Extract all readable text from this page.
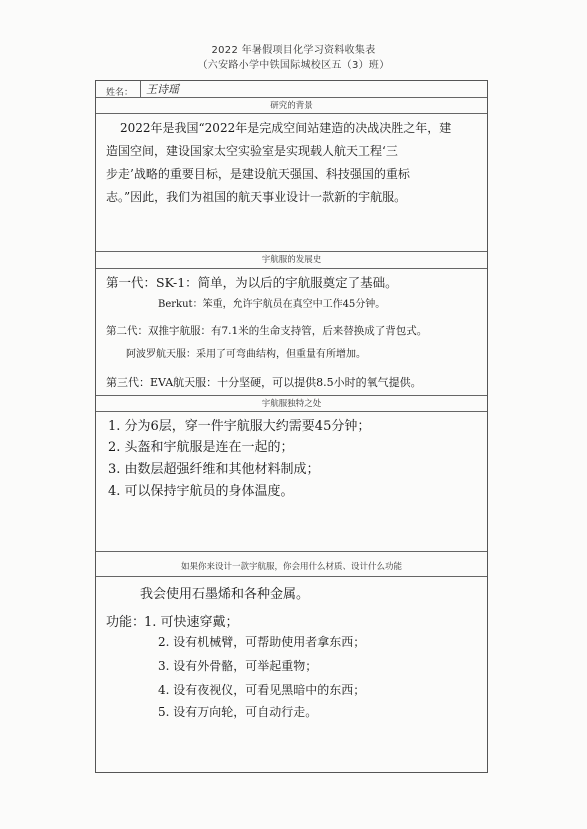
2022 年暑假项目化学习资料收集表
（六安路小学中铁国际城校区五（3）班）
姓名： 王诗瑶
研究的背景
2022年是我国“2022年是完成空间站建造的决战决胜之年，建
造国空间，建设国家太空实验室是实现载人航天工程‘三
步走’战略的重要目标，是建设航天强国、科技强国的重标
志。”因此，我们为祖国的航天事业设计一款新的宇航服。
宇航服的发展史
第一代：SK-1：简单，为以后的宇航服奠定了基础。
Berkut：笨重，允许宇航员在真空中工作45分钟。
第二代：双推宇航服：有7.1米的生命支持管，后来替换成了背包式。
阿波罗航天服：采用了可弯曲结构，但重量有所增加。
第三代：EVA航天服：十分坚硬，可以提供8.5小时的氧气提供。
宇航服独特之处
1. 分为6层，穿一件宇航服大约需要45分钟；
2. 头盔和宇航服是连在一起的；
3. 由数层超强纤维和其他材料制成；
4. 可以保持宇航员的身体温度。
如果你来设计一款宇航服，你会用什么材质、设计什么功能
我会使用石墨烯和各种金属。
功能：
1. 可快速穿戴；
2. 设有机械臂，可帮助使用者拿东西；
3. 设有外骨骼，可举起重物；
4. 设有夜视仪，可看见黑暗中的东西；
5. 设有万向轮，可自动行走。
